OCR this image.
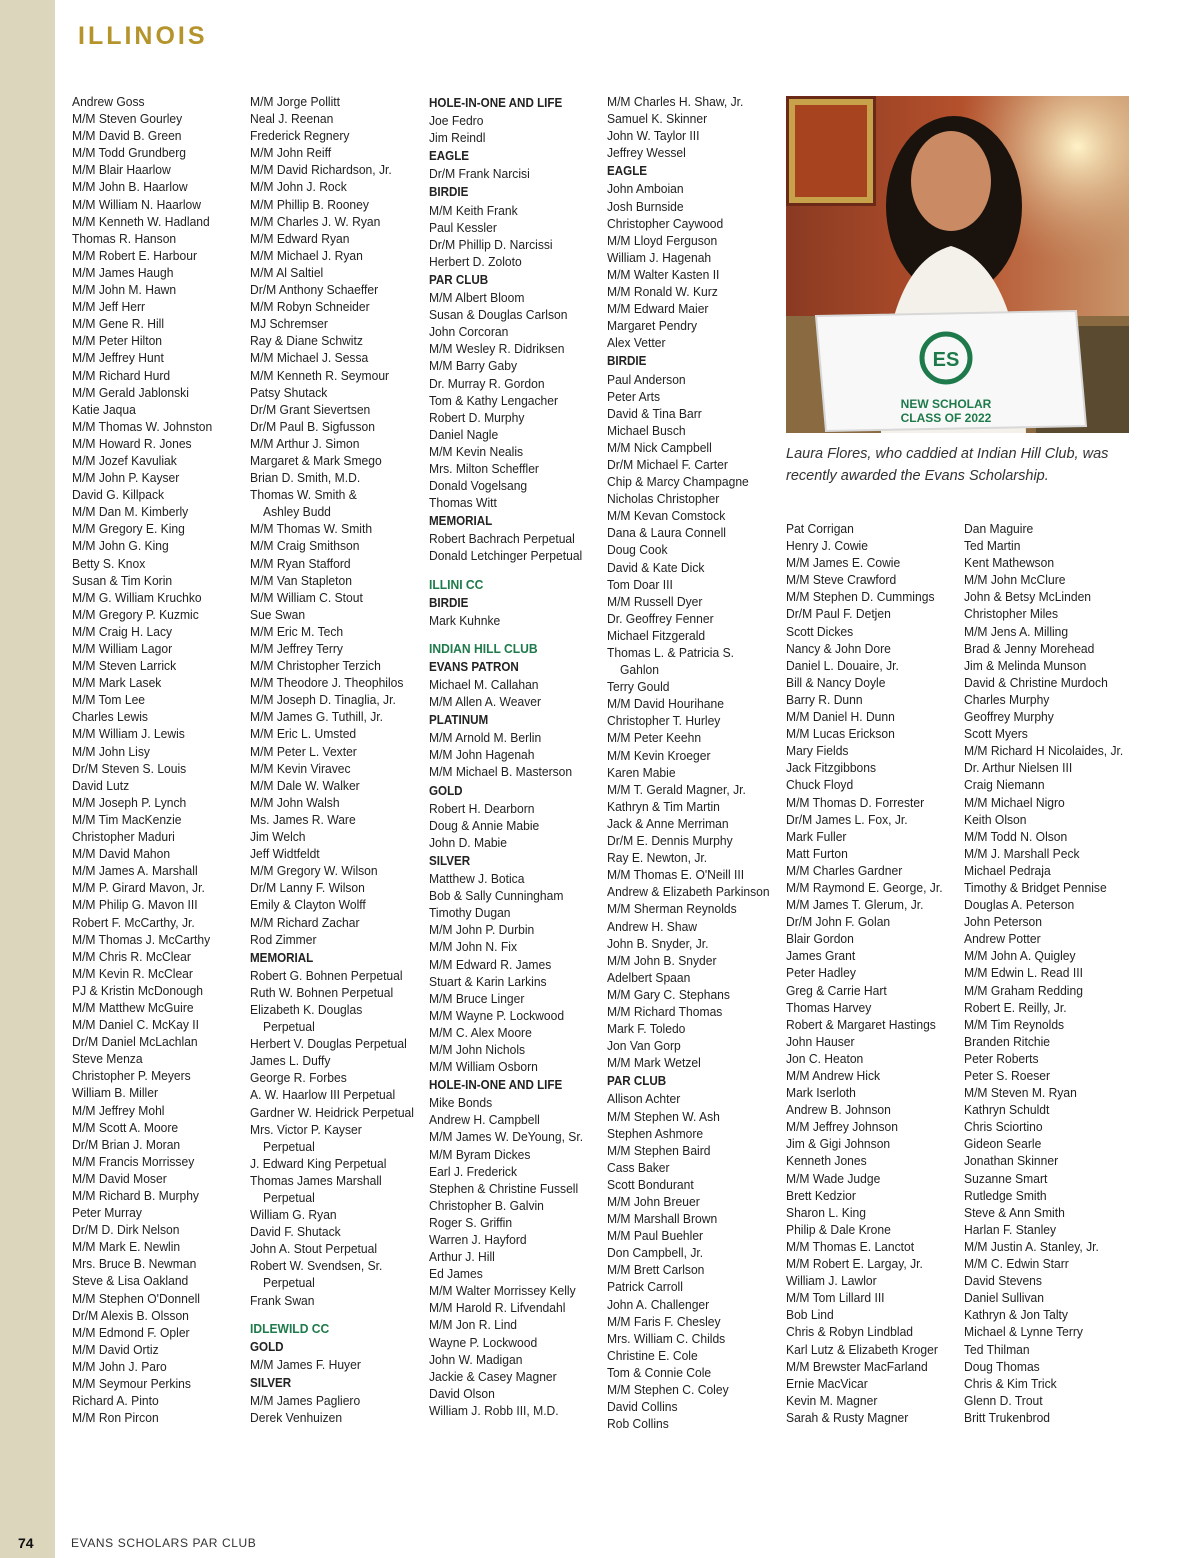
ILLINOIS
Andrew Goss
M/M Steven Gourley
M/M David B. Green
M/M Todd Grundberg
M/M Blair Haarlow
M/M John B. Haarlow
M/M William N. Haarlow
M/M Kenneth W. Hadland
Thomas R. Hanson
M/M Robert E. Harbour
M/M James Haugh
M/M John M. Hawn
M/M Jeff Herr
M/M Gene R. Hill
M/M Peter Hilton
M/M Jeffrey Hunt
M/M Richard Hurd
M/M Gerald Jablonski
Katie Jaqua
M/M Thomas W. Johnston
M/M Howard R. Jones
M/M Jozef Kavuliak
M/M John P. Kayser
David G. Killpack
M/M Dan M. Kimberly
M/M Gregory E. King
M/M John G. King
Betty S. Knox
Susan & Tim Korin
M/M G. William Kruchko
M/M Gregory P. Kuzmic
M/M Craig H. Lacy
M/M William Lagor
M/M Steven Larrick
M/M Mark Lasek
M/M Tom Lee
Charles Lewis
M/M William J. Lewis
M/M John Lisy
Dr/M Steven S. Louis
David Lutz
M/M Joseph P. Lynch
M/M Tim MacKenzie
Christopher Maduri
M/M David Mahon
M/M James A. Marshall
M/M P. Girard Mavon, Jr.
M/M Philip G. Mavon III
Robert F. McCarthy, Jr.
M/M Thomas J. McCarthy
M/M Chris R. McClear
M/M Kevin R. McClear
PJ & Kristin McDonough
M/M Matthew McGuire
M/M Daniel C. McKay II
Dr/M Daniel McLachlan
Steve Menza
Christopher P. Meyers
William B. Miller
M/M Jeffrey Mohl
M/M Scott A. Moore
Dr/M Brian J. Moran
M/M Francis Morrissey
M/M David Moser
M/M Richard B. Murphy
Peter Murray
Dr/M D. Dirk Nelson
M/M Mark E. Newlin
Mrs. Bruce B. Newman
Steve & Lisa Oakland
M/M Stephen O'Donnell
Dr/M Alexis B. Olsson
M/M Edmond F. Opler
M/M David Ortiz
M/M John J. Paro
M/M Seymour Perkins
Richard A. Pinto
M/M Ron Pircon
M/M Jorge Pollitt
Neal J. Reenan
Frederick Regnery
M/M John Reiff
M/M David Richardson, Jr.
M/M John J. Rock
M/M Phillip B. Rooney
M/M Charles J. W. Ryan
M/M Edward Ryan
M/M Michael J. Ryan
M/M Al Saltiel
Dr/M Anthony Schaeffer
M/M Robyn Schneider
MJ Schremser
Ray & Diane Schwitz
M/M Michael J. Sessa
M/M Kenneth R. Seymour
Patsy Shutack
Dr/M Grant Sievertsen
Dr/M Paul B. Sigfusson
M/M Arthur J. Simon
Margaret & Mark Smego
Brian D. Smith, M.D.
Thomas W. Smith &
Ashley Budd
M/M Thomas W. Smith
M/M Craig Smithson
M/M Ryan Stafford
M/M Van Stapleton
M/M William C. Stout
Sue Swan
M/M Eric M. Tech
M/M Jeffrey Terry
M/M Christopher Terzich
M/M Theodore J. Theophilos
M/M Joseph D. Tinaglia, Jr.
M/M James G. Tuthill, Jr.
M/M Eric L. Umsted
M/M Peter L. Vexter
M/M Kevin Viravec
M/M Dale W. Walker
M/M John Walsh
Ms. James R. Ware
Jim Welch
Jeff Widtfeldt
M/M Gregory W. Wilson
Dr/M Lanny F. Wilson
Emily & Clayton Wolff
M/M Richard Zachar
Rod Zimmer
MEMORIAL
Robert G. Bohnen Perpetual
Ruth W. Bohnen Perpetual
Elizabeth K. Douglas
Perpetual
Herbert V. Douglas Perpetual
James L. Duffy
George R. Forbes
A. W. Haarlow III Perpetual
Gardner W. Heidrick Perpetual
Mrs. Victor P. Kayser
Perpetual
J. Edward King Perpetual
Thomas James Marshall
Perpetual
William G. Ryan
David F. Shutack
John A. Stout Perpetual
Robert W. Svendsen, Sr.
Perpetual
Frank Swan
IDLEWILD CC
GOLD
M/M James F. Huyer
SILVER
M/M James Pagliero
Derek Venhuizen
HOLE-IN-ONE AND LIFE
Joe Fedro
Jim Reindl
EAGLE
Dr/M Frank Narcisi
BIRDIE
M/M Keith Frank
Paul Kessler
Dr/M Phillip D. Narcissi
Herbert D. Zoloto
PAR CLUB
M/M Albert Bloom
Susan & Douglas Carlson
John Corcoran
M/M Wesley R. Didriksen
M/M Barry Gaby
Dr. Murray R. Gordon
Tom & Kathy Lengacher
Robert D. Murphy
Daniel Nagle
M/M Kevin Nealis
Mrs. Milton Scheffler
Donald Vogelsang
Thomas Witt
MEMORIAL
Robert Bachrach Perpetual
Donald Letchinger Perpetual
ILLINI CC
BIRDIE
Mark Kuhnke
INDIAN HILL CLUB
EVANS PATRON
Michael M. Callahan
M/M Allen A. Weaver
PLATINUM
M/M Arnold M. Berlin
M/M John Hagenah
M/M Michael B. Masterson
GOLD
Robert H. Dearborn
Doug & Annie Mabie
John D. Mabie
SILVER
Matthew J. Botica
Bob & Sally Cunningham
Timothy Dugan
M/M John P. Durbin
M/M John N. Fix
M/M Edward R. James
Stuart & Karin Larkins
M/M Bruce Linger
M/M Wayne P. Lockwood
M/M C. Alex Moore
M/M John Nichols
M/M William Osborn
HOLE-IN-ONE AND LIFE
Mike Bonds
Andrew H. Campbell
M/M James W. DeYoung, Sr.
M/M Byram Dickes
Earl J. Frederick
Stephen & Christine Fussell
Christopher B. Galvin
Roger S. Griffin
Warren J. Hayford
Arthur J. Hill
Ed James
M/M Walter Morrissey Kelly
M/M Harold R. Lifvendahl
M/M Jon R. Lind
Wayne P. Lockwood
John W. Madigan
Jackie & Casey Magner
David Olson
William J. Robb III, M.D.
M/M Charles H. Shaw, Jr.
Samuel K. Skinner
John W. Taylor III
Jeffrey Wessel
EAGLE
John Amboian
Josh Burnside
Christopher Caywood
M/M Lloyd Ferguson
William J. Hagenah
M/M Walter Kasten II
M/M Ronald W. Kurz
M/M Edward Maier
Margaret Pendry
Alex Vetter
BIRDIE
Paul Anderson
Peter Arts
David & Tina Barr
Michael Busch
M/M Nick Campbell
Dr/M Michael F. Carter
Chip & Marcy Champagne
Nicholas Christopher
M/M Kevan Comstock
Dana & Laura Connell
Doug Cook
David & Kate Dick
Tom Doar III
M/M Russell Dyer
Dr. Geoffrey Fenner
Michael Fitzgerald
Thomas L. & Patricia S.
Gahlon
Terry Gould
M/M David Hourihane
Christopher T. Hurley
M/M Peter Keehn
M/M Kevin Kroeger
Karen Mabie
M/M T. Gerald Magner, Jr.
Kathryn & Tim Martin
Jack & Anne Merriman
Dr/M E. Dennis Murphy
Ray E. Newton, Jr.
M/M Thomas E. O'Neill III
Andrew & Elizabeth Parkinson
M/M Sherman Reynolds
Andrew H. Shaw
John B. Snyder, Jr.
M/M John B. Snyder
Adelbert Spaan
M/M Gary C. Stephans
M/M Richard Thomas
Mark F. Toledo
Jon Van Gorp
M/M Mark Wetzel
PAR CLUB
Allison Achter
M/M Stephen W. Ash
Stephen Ashmore
M/M Stephen Baird
Cass Baker
Scott Bondurant
M/M John Breuer
M/M Marshall Brown
M/M Paul Buehler
Don Campbell, Jr.
M/M Brett Carlson
Patrick Carroll
John A. Challenger
M/M Faris F. Chesley
Mrs. William C. Childs
Christine E. Cole
Tom & Connie Cole
M/M Stephen C. Coley
David Collins
Rob Collins
Pat Corrigan
Henry J. Cowie
M/M James E. Cowie
M/M Steve Crawford
M/M Stephen D. Cummings
Dr/M Paul F. Detjen
Scott Dickes
Nancy & John Dore
Daniel L. Douaire, Jr.
Bill & Nancy Doyle
Barry R. Dunn
M/M Daniel H. Dunn
M/M Lucas Erickson
Mary Fields
Jack Fitzgibbons
Chuck Floyd
M/M Thomas D. Forrester
Dr/M James L. Fox, Jr.
Mark Fuller
Matt Furton
M/M Charles Gardner
M/M Raymond E. George, Jr.
M/M James T. Glerum, Jr.
Dr/M John F. Golan
Blair Gordon
James Grant
Peter Hadley
Greg & Carrie Hart
Thomas Harvey
Robert & Margaret Hastings
John Hauser
Jon C. Heaton
M/M Andrew Hick
Mark Iserloth
Andrew B. Johnson
M/M Jeffrey Johnson
Jim & Gigi Johnson
Kenneth Jones
M/M Wade Judge
Brett Kedzior
Sharon L. King
Philip & Dale Krone
M/M Thomas E. Lanctot
M/M Robert E. Largay, Jr.
William J. Lawlor
M/M Tom Lillard III
Bob Lind
Chris & Robyn Lindblad
Karl Lutz & Elizabeth Kroger
M/M Brewster MacFarland
Ernie MacVicar
Kevin M. Magner
Sarah & Rusty Magner
Dan Maguire
Ted Martin
Kent Mathewson
M/M John McClure
John & Betsy McLinden
Christopher Miles
M/M Jens A. Milling
Brad & Jenny Morehead
Jim & Melinda Munson
David & Christine Murdoch
Charles Murphy
Geoffrey Murphy
Scott Myers
M/M Richard H Nicolaides, Jr.
Dr. Arthur Nielsen III
Craig Niemann
M/M Michael Nigro
Keith Olson
M/M Todd N. Olson
M/M J. Marshall Peck
Michael Pedraja
Timothy & Bridget Pennise
Douglas A. Peterson
John Peterson
Andrew Potter
M/M John A. Quigley
M/M Edwin L. Read III
M/M Graham Redding
Robert E. Reilly, Jr.
M/M Tim Reynolds
Branden Ritchie
Peter Roberts
Peter S. Roeser
M/M Steven M. Ryan
Kathryn Schuldt
Chris Sciortino
Gideon Searle
Jonathan Skinner
Suzanne Smart
Rutledge Smith
Steve & Ann Smith
Harlan F. Stanley
M/M Justin A. Stanley, Jr.
M/M C. Edwin Starr
David Stevens
Daniel Sullivan
Kathryn & Jon Talty
Michael & Lynne Terry
Ted Thilman
Doug Thomas
Chris & Kim Trick
Glenn D. Trout
Britt Trukenbrod
ES
NEW SCHOLAR
CLASS OF 2022
Laura Flores, who caddied at Indian Hill Club, was recently awarded the Evans Scholarship.
74	EVANS SCHOLARS PAR CLUB
